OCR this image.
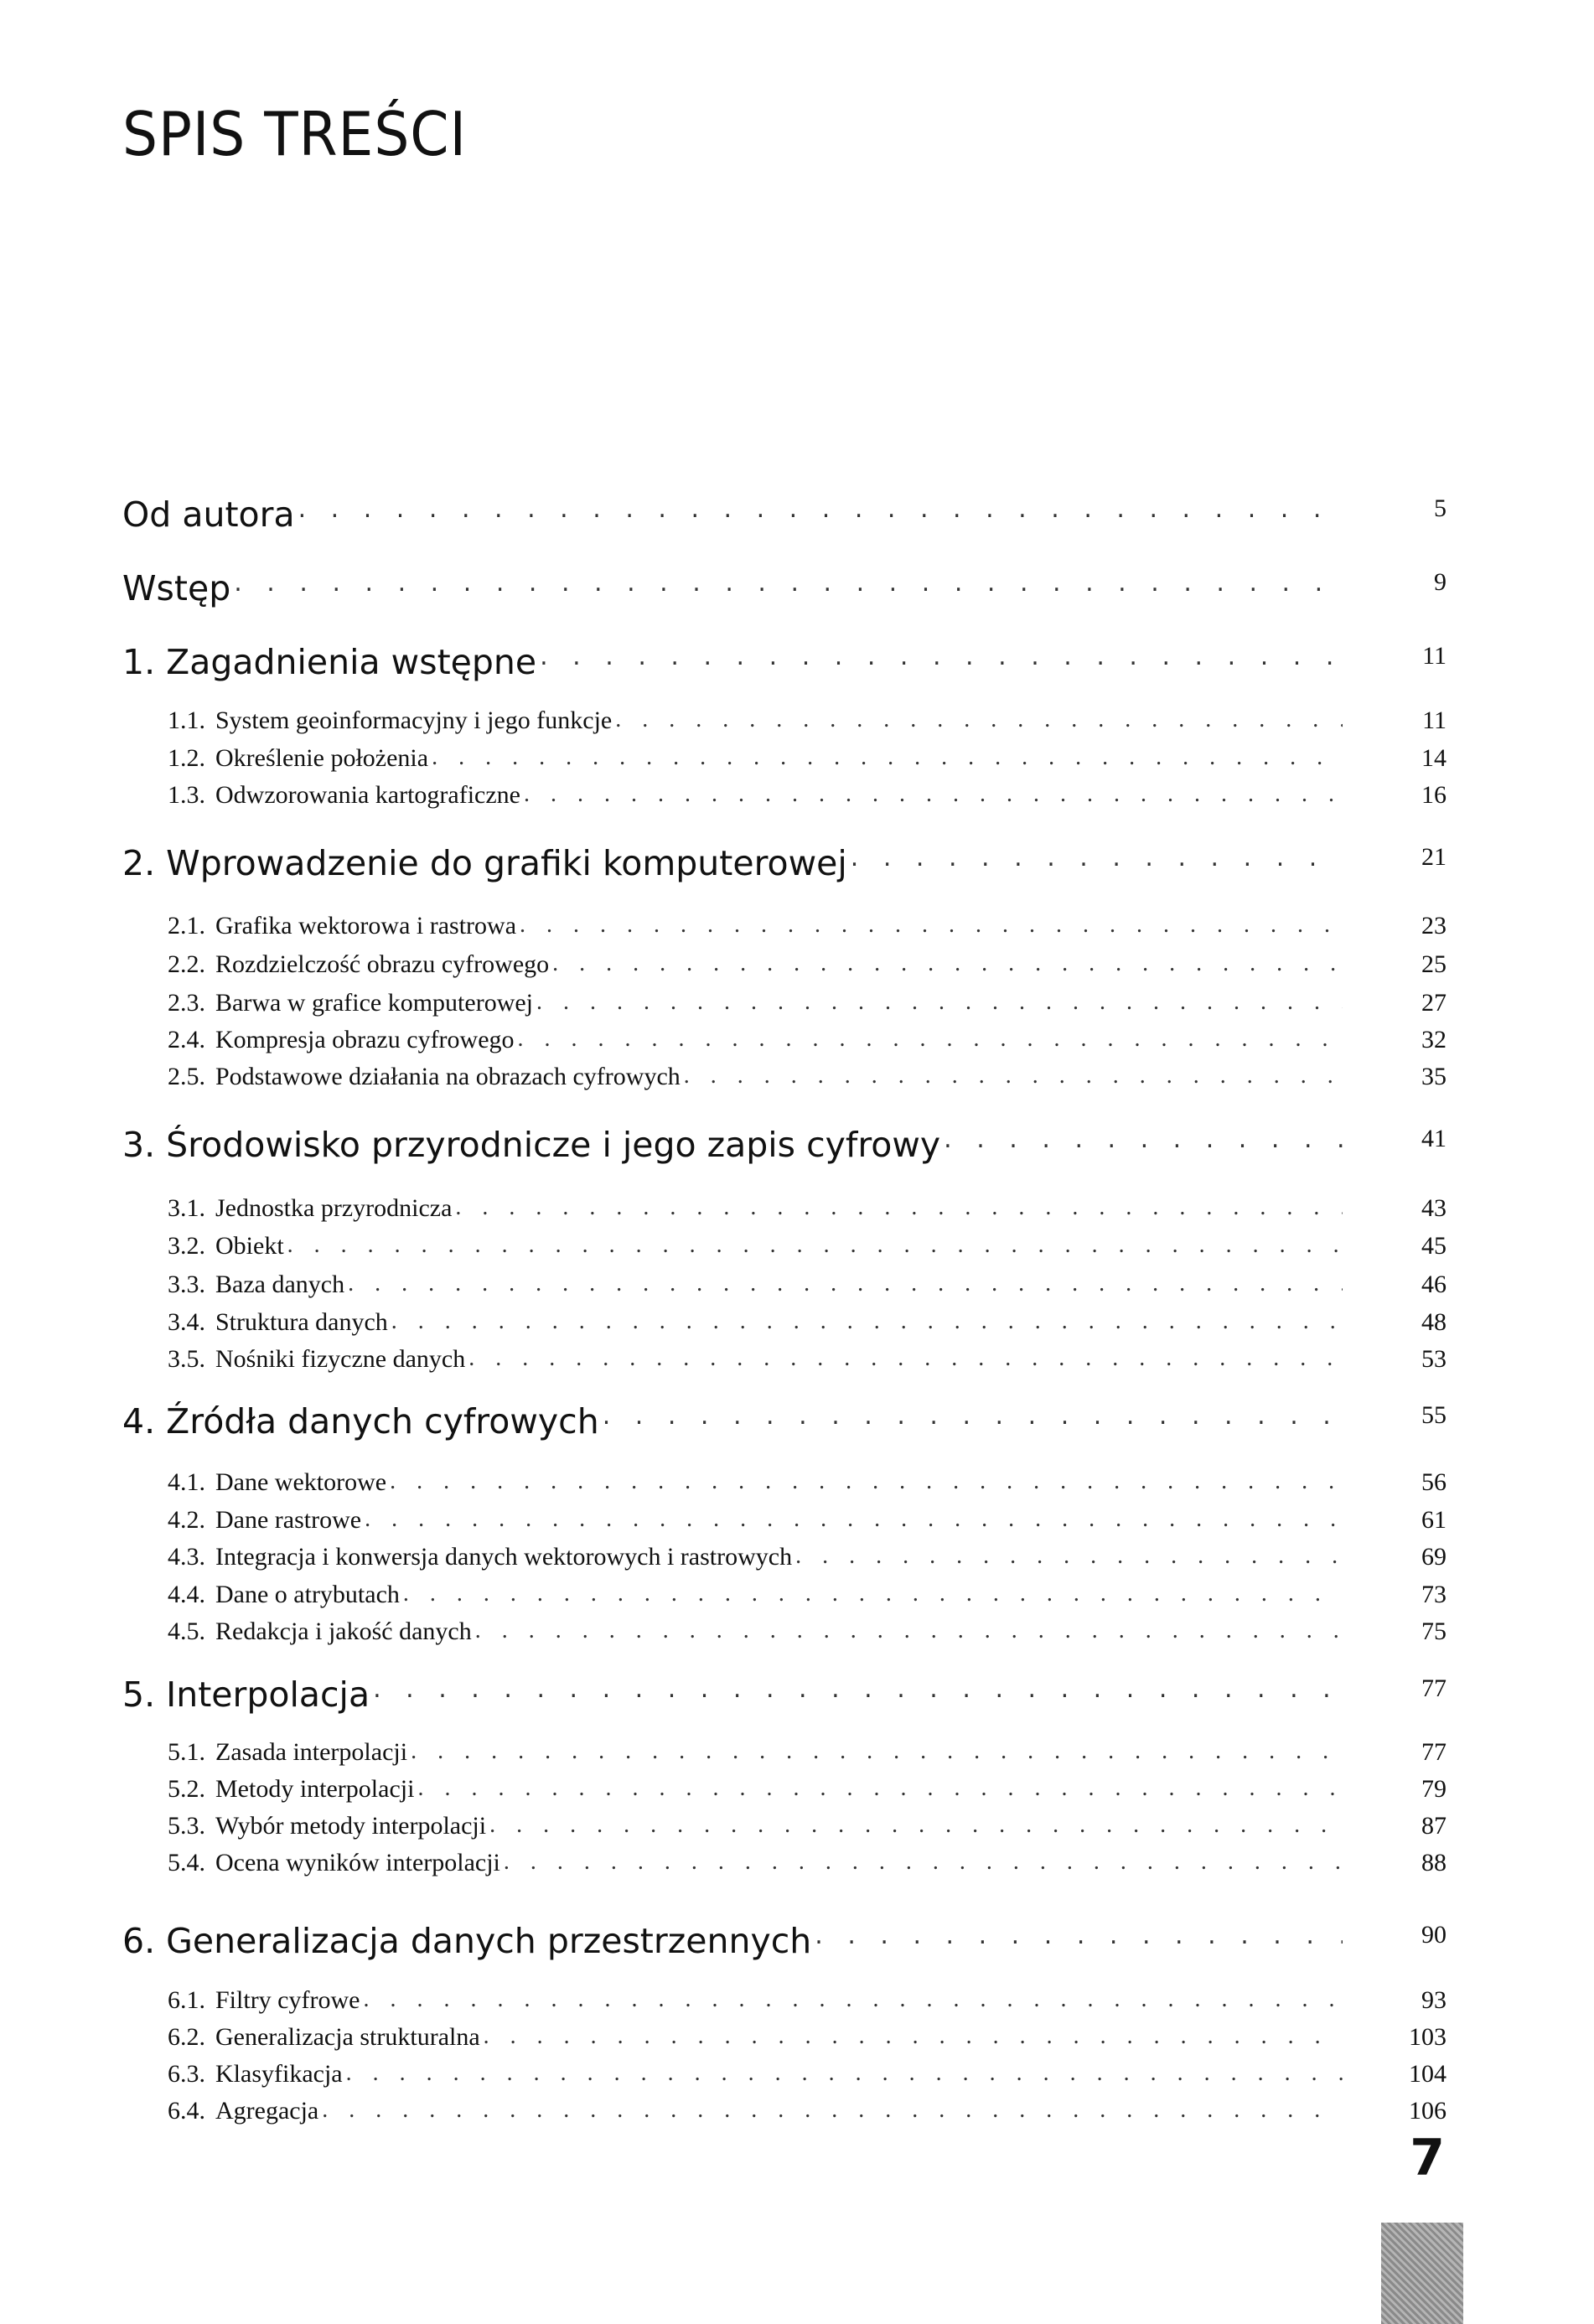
SPIS TREŚCI
Od autora . . .	5
Wstęp . . .	9
1. Zagadnienia wstępne . . .	11
1.1. System geoinformacyjny i jego funkcje . . .	11
1.2. Określenie położenia . . .	14
1.3. Odwzorowania kartograficzne . . .	16
2. Wprowadzenie do grafiki komputerowej . . .	21
2.1. Grafika wektorowa i rastrowa . . .	23
2.2. Rozdzielczość obrazu cyfrowego . . .	25
2.3. Barwa w grafice komputerowej . . .	27
2.4. Kompresja obrazu cyfrowego . . .	32
2.5. Podstawowe działania na obrazach cyfrowych . . .	35
3. Środowisko przyrodnicze i jego zapis cyfrowy . . .	41
3.1. Jednostka przyrodnicza . . .	43
3.2. Obiekt . . .	45
3.3. Baza danych . . .	46
3.4. Struktura danych . . .	48
3.5. Nośniki fizyczne danych . . .	53
4. Źródła danych cyfrowych . . .	55
4.1. Dane wektorowe . . .	56
4.2. Dane rastrowe . . .	61
4.3. Integracja i konwersja danych wektorowych i rastrowych . . .	69
4.4. Dane o atrybutach . . .	73
4.5. Redakcja i jakość danych . . .	75
5. Interpolacja . . .	77
5.1. Zasada interpolacji . . .	77
5.2. Metody interpolacji . . .	79
5.3. Wybór metody interpolacji . . .	87
5.4. Ocena wyników interpolacji . . .	88
6. Generalizacja danych przestrzennych . . .	90
6.1. Filtry cyfrowe . . .	93
6.2. Generalizacja strukturalna . . .	103
6.3. Klasyfikacja . . .	104
6.4. Agregacja . . .	106
7
